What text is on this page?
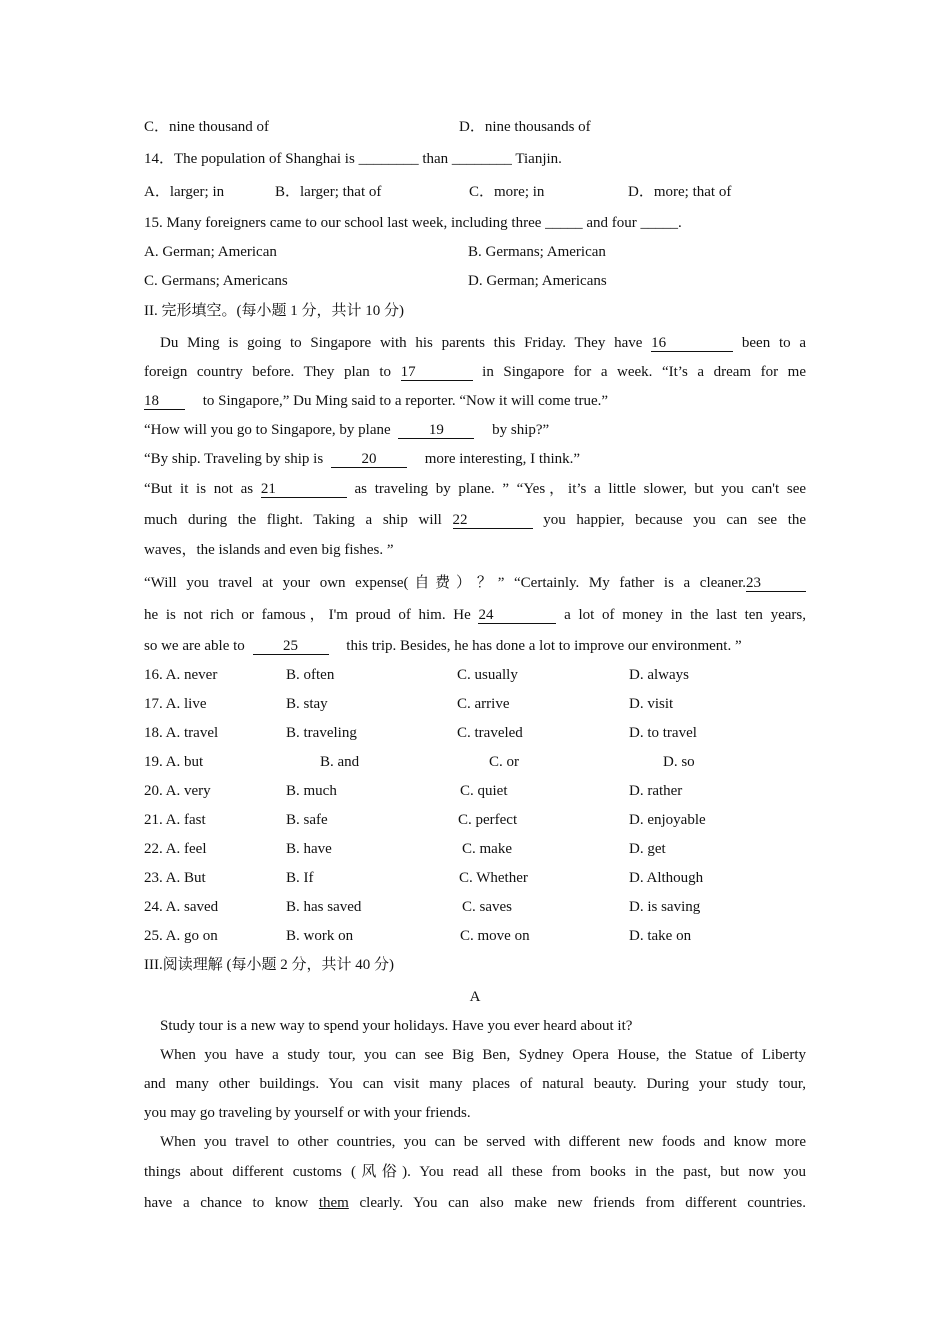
C．nine thousand of	D．nine thousands of
14．The population of Shanghai is ________ than ________ Tianjin.
A．larger; in	B．larger; that of	C．more; in	D．more; that of
15. Many foreigners came to our school last week, including three _____ and four _____.
A. German; American	B. Germans; American
C. Germans; Americans	D. German; Americans
II. 完形填空。(每小题 1 分，共计 10 分)
Du Ming is going to Singapore with his parents this Friday. They have 16	been to a
foreign country before. They plan to 17	in Singapore for a week. “It’s a dream for me
18	to Singapore,” Du Ming said to a reporter. “Now it will come true.”
“How will you go to Singapore, by plane	19	by ship?”
“By ship. Traveling by ship is	20	more interesting, I think.”
“But it is not as 21	as traveling by plane. ” “Yes，it’s a little slower, but you can't see
much during the flight. Taking a ship will 22	you happier, because you can see the
waves，the islands and even big fishes. ”
“Will you travel at your own expense(自费）？” “Certainly. My father is a cleaner.23
he is not rich or famous，I'm proud of him. He 24	a lot of money in the last ten years,
so we are able to	25	this trip. Besides, he has done a lot to improve our environment. ”
16. A. never	B. often	C. usually	D. always
17. A. live	B. stay	C. arrive	D. visit
18. A. travel	B. traveling	C. traveled	D. to travel
19. A. but	B. and	C. or	D. so
20. A. very	B. much	C. quiet	D. rather
21. A. fast	B. safe	C. perfect	D. enjoyable
22. A. feel	B. have	C. make	D. get
23. A. But	B. If	C. Whether	D. Although
24. A. saved	B. has saved	C. saves	D. is saving
25. A. go on	B. work on	C. move on	D. take on
III.阅读理解 (每小题 2 分，共计 40 分)
A
Study tour is a new way to spend your holidays. Have you ever heard about it?
When you have a study tour, you can see Big Ben, Sydney Opera House, the Statue of Liberty
and many other buildings. You can visit many places of natural beauty. During your study tour,
you may go traveling by yourself or with your friends.
When you travel to other countries, you can be served with different new foods and know more
things about different customs (风俗). You read all these from books in the past, but now you
have a chance to know them clearly. You can also make new friends from different countries.
